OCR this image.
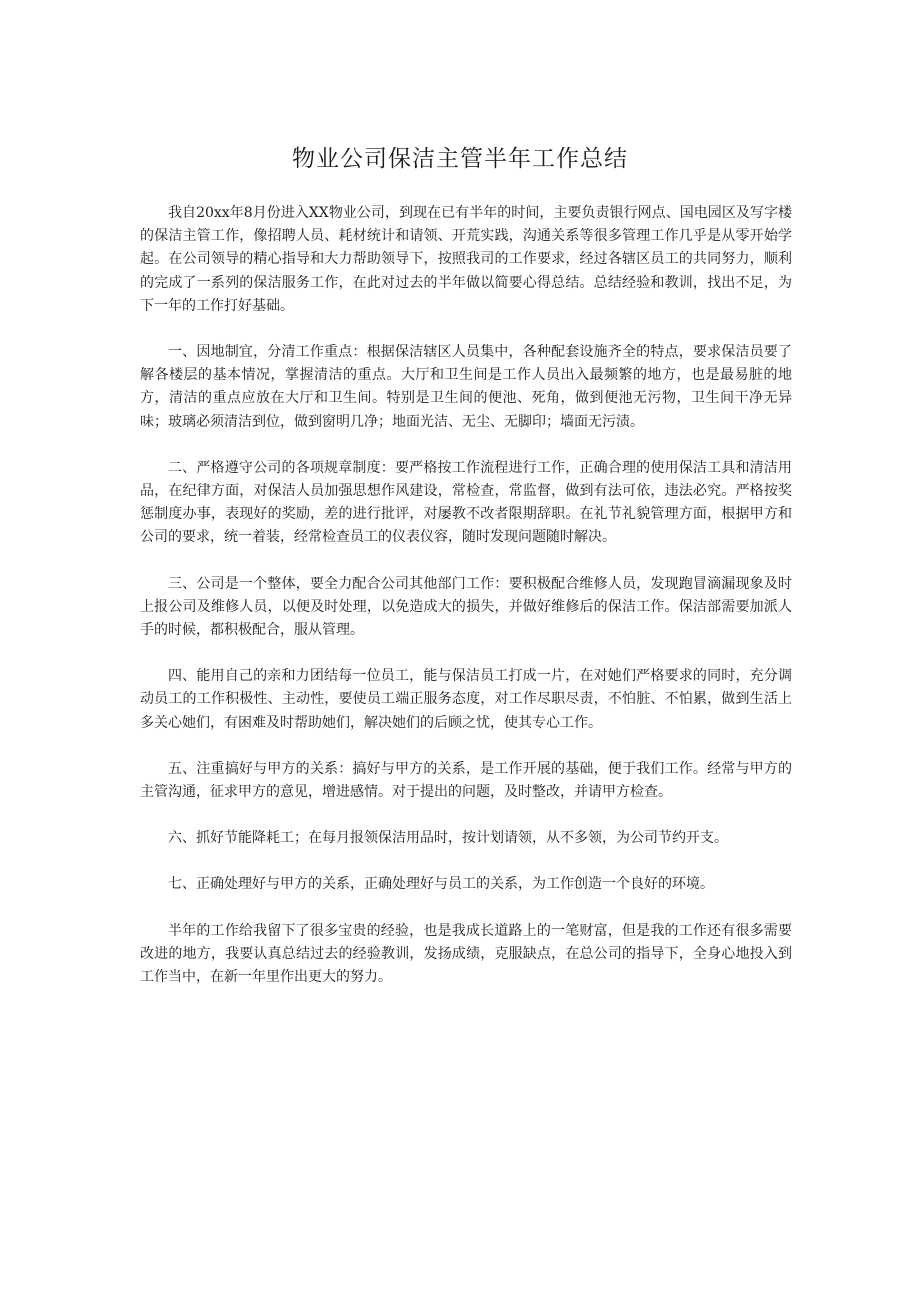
物业公司保洁主管半年工作总结

我自20xx年8月份进入XX物业公司，到现在已有半年的时间，主要负责银行网点、国电园区及写字楼的保洁主管工作，像招聘人员、耗材统计和请领、开荒实践，沟通关系等很多管理工作几乎是从零开始学起。在公司领导的精心指导和大力帮助领导下，按照我司的工作要求，经过各辖区员工的共同努力，顺利的完成了一系列的保洁服务工作，在此对过去的半年做以简要心得总结。总结经验和教训，找出不足，为下一年的工作打好基础。

一、因地制宜，分清工作重点：根据保洁辖区人员集中，各种配套设施齐全的特点，要求保洁员要了解各楼层的基本情况，掌握清洁的重点。大厅和卫生间是工作人员出入最频繁的地方，也是最易脏的地方，清洁的重点应放在大厅和卫生间。特别是卫生间的便池、死角，做到便池无污物，卫生间干净无异味；玻璃必须清洁到位，做到窗明几净；地面光洁、无尘、无脚印；墙面无污渍。

二、严格遵守公司的各项规章制度：要严格按工作流程进行工作，正确合理的使用保洁工具和清洁用品，在纪律方面，对保洁人员加强思想作风建设，常检查，常监督，做到有法可依，违法必究。严格按奖惩制度办事，表现好的奖励，差的进行批评，对屡教不改者限期辞职。在礼节礼貌管理方面，根据甲方和公司的要求，统一着装，经常检查员工的仪表仪容，随时发现问题随时解决。

三、公司是一个整体，要全力配合公司其他部门工作：要积极配合维修人员，发现跑冒滴漏现象及时上报公司及维修人员，以便及时处理，以免造成大的损失，并做好维修后的保洁工作。保洁部需要加派人手的时候，都积极配合，服从管理。

四、能用自己的亲和力团结每一位员工，能与保洁员工打成一片，在对她们严格要求的同时，充分调动员工的工作积极性、主动性，要使员工端正服务态度，对工作尽职尽责，不怕脏、不怕累，做到生活上多关心她们，有困难及时帮助她们，解决她们的后顾之忧，使其专心工作。

五、注重搞好与甲方的关系：搞好与甲方的关系，是工作开展的基础，便于我们工作。经常与甲方的主管沟通，征求甲方的意见，增进感情。对于提出的问题，及时整改，并请甲方检查。

六、抓好节能降耗工；在每月报领保洁用品时，按计划请领，从不多领，为公司节约开支。

七、正确处理好与甲方的关系，正确处理好与员工的关系，为工作创造一个良好的环境。

半年的工作给我留下了很多宝贵的经验，也是我成长道路上的一笔财富，但是我的工作还有很多需要改进的地方，我要认真总结过去的经验教训，发扬成绩，克服缺点，在总公司的指导下，全身心地投入到工作当中，在新一年里作出更大的努力。
